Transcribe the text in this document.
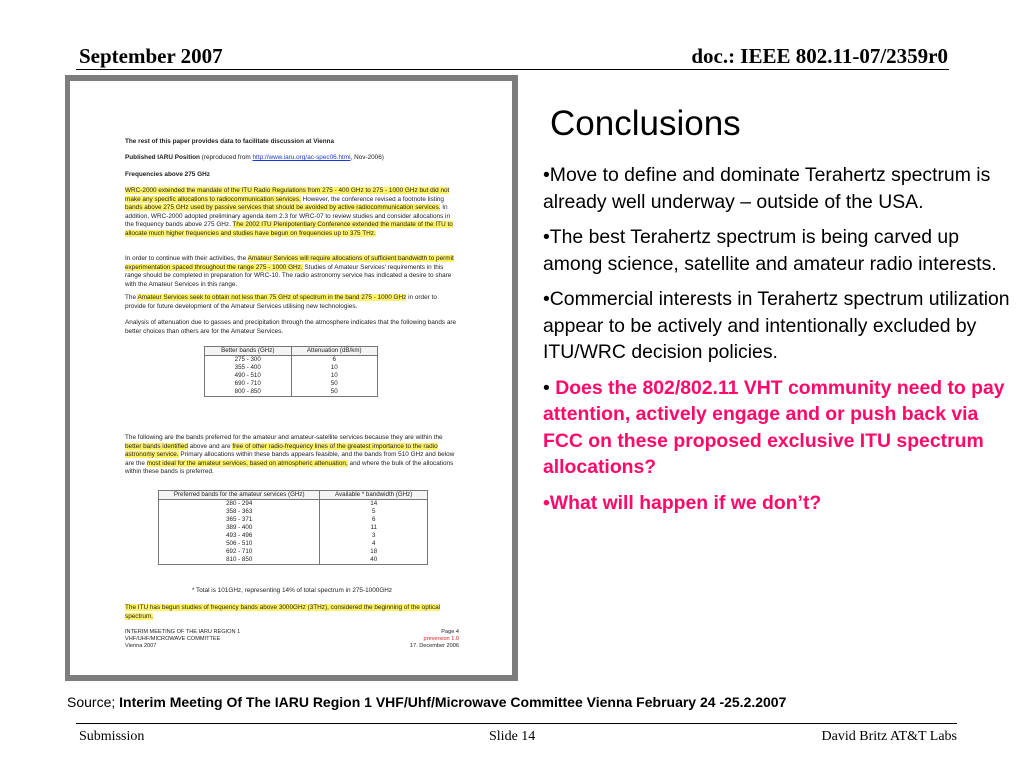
September 2007	doc.: IEEE 802.11-07/2359r0
The rest of this paper provides data to facilitate discussion at Vienna
Published IARU Position (reproduced from http://www.iaru.org/ac-spec06.html, Nov-2006)
Frequencies above 275 GHz
WRC-2000 extended the mandate of the ITU Radio Regulations from 275 - 400 GHz to 275 - 1000 GHz but did not make any specific allocations to radiocommunication services. However, the conference revised a footnote listing bands above 275 GHz used by passive services that should be avoided by active radiocommunication services. In addition, WRC-2000 adopted preliminary agenda item 2.3 for WRC-07 to review studies and consider allocations in the frequency bands above 275 GHz. The 2002 ITU Plenipotentiary Conference extended the mandate of the ITU to allocate much higher frequencies and studies have begun on frequencies up to 375 THz.
In order to continue with their activities, the Amateur Services will require allocations of sufficient bandwidth to permit experimentation spaced throughout the range 275 - 1000 GHz. Studies of Amateur Services' requirements in this range should be completed in preparation for WRC-10. The radio astronomy service has indicated a desire to share with the Amateur Services in this range.
The Amateur Services seek to obtain not less than 75 GHz of spectrum in the band 275 - 1000 GHz in order to provide for future development of the Amateur Services utilising new technologies.
Analysis of attenuation due to gasses and precipitation through the atmosphere indicates that the following bands are better choices than others are for the Amateur Services.
Better bands (GHz)	Attenuation (dB/km)
275 - 300	6
355 - 400	10
490 - 510	10
690 - 710	50
800 - 850	50
The following are the bands preferred for the amateur and amateur-satellite services because they are within the better bands identified above and are free of other radio-frequency lines of the greatest importance to the radio astronomy service. Primary allocations within these bands appears feasible, and the bands from 510 GHz and below are the most ideal for the amateur services, based on atmospheric attenuation, and where the bulk of the allocations within these bands is preferred.
Preferred bands for the amateur services (GHz)	Available * bandwidth (GHz)
280 - 294	14
358 - 363	5
365 - 371	6
389 - 400	11
493 - 496	3
506 - 510	4
692 - 710	18
810 - 850	40
* Total is 101GHz, representing 14% of total spectrum in 275-1000GHz
The ITU has begun studies of frequency bands above 3000GHz (3THz), considered the beginning of the optical spectrum.
INTERIM MEETING OF THE IARU REGION 1
VHF/UHF/MICROWAVE COMMITTEE
Vienna 2007
Page 4
preversion 1.0
17. December 2006
Conclusions

•Move to define and dominate Terahertz spectrum is already well underway – outside of the USA.

•The best Terahertz spectrum is being carved up among science, satellite and amateur radio interests.

•Commercial interests in Terahertz spectrum utilization appear to be actively and intentionally excluded by ITU/WRC decision policies.

• Does the 802/802.11 VHT community need to pay attention, actively engage and or push back via FCC on these proposed exclusive ITU spectrum allocations?

•What will happen if we don’t?

Source; Interim Meeting Of The IARU Region 1 VHF/Uhf/Microwave Committee Vienna February 24 -25.2.2007
Submission	Slide 14	David Britz AT&T Labs
